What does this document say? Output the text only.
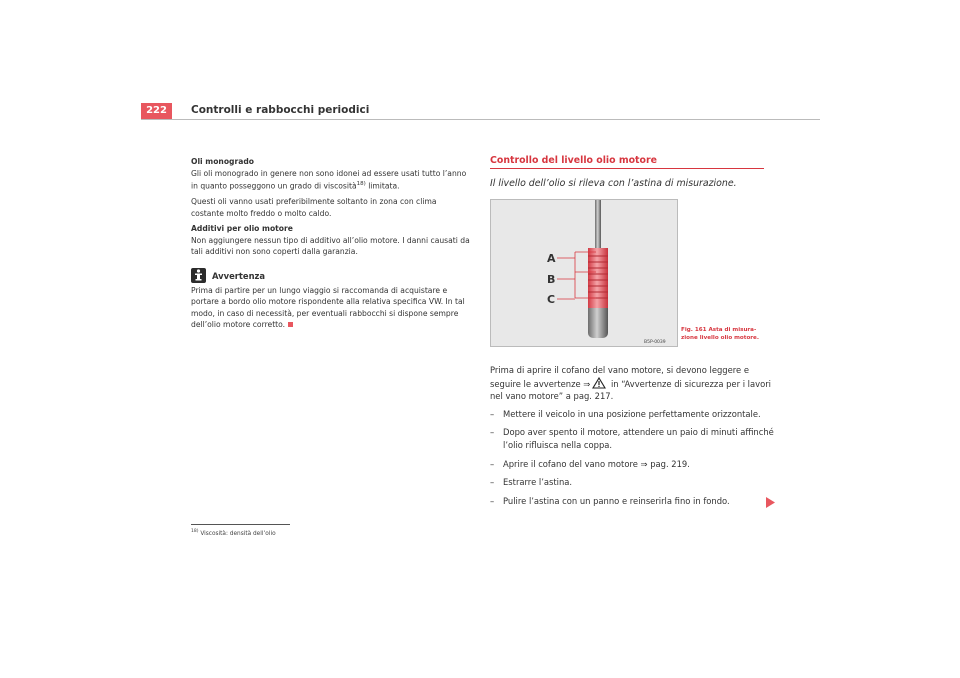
222	Controlli e rabbocchi periodici

Oli monogrado

Gli oli monogrado in genere non sono idonei ad essere usati tutto l’anno in quanto posseggono un grado di viscosità$^{18)}$ limitata.

Questi oli vanno usati preferibilmente soltanto in zona con clima costante molto freddo o molto caldo.

Additivi per olio motore

Non aggiungere nessun tipo di additivo all’olio motore. I danni causati da tali additivi non sono coperti dalla garanzia.

Avvertenza

Prima di partire per un lungo viaggio si raccomanda di acquistare e portare a bordo olio motore rispondente alla relativa specifica VW. In tal modo, in caso di necessità, per eventuali rabbocchi si dispone sempre dell’olio motore corretto.

$^{18)}$ Viscosità: densità dell’olio
Controllo del livello olio motore
Il livello dell’olio si rileva con l’astina di misurazione.
A
B
C
B5P-0039
Fig. 161 Asta di misura-zione livello olio motore.

Prima di aprire il cofano del vano motore, si devono leggere e seguire le avvertenze ⇒ in “Avvertenze di sicurezza per i lavori nel vano motore” a pag. 217.

–	Mettere il veicolo in una posizione perfettamente orizzontale.
–	Dopo aver spento il motore, attendere un paio di minuti affinché l’olio rifluisca nella coppa.
–	Aprire il cofano del vano motore ⇒ pag. 219.
–	Estrarre l’astina.
–	Pulire l’astina con un panno e reinserirla fino in fondo.
